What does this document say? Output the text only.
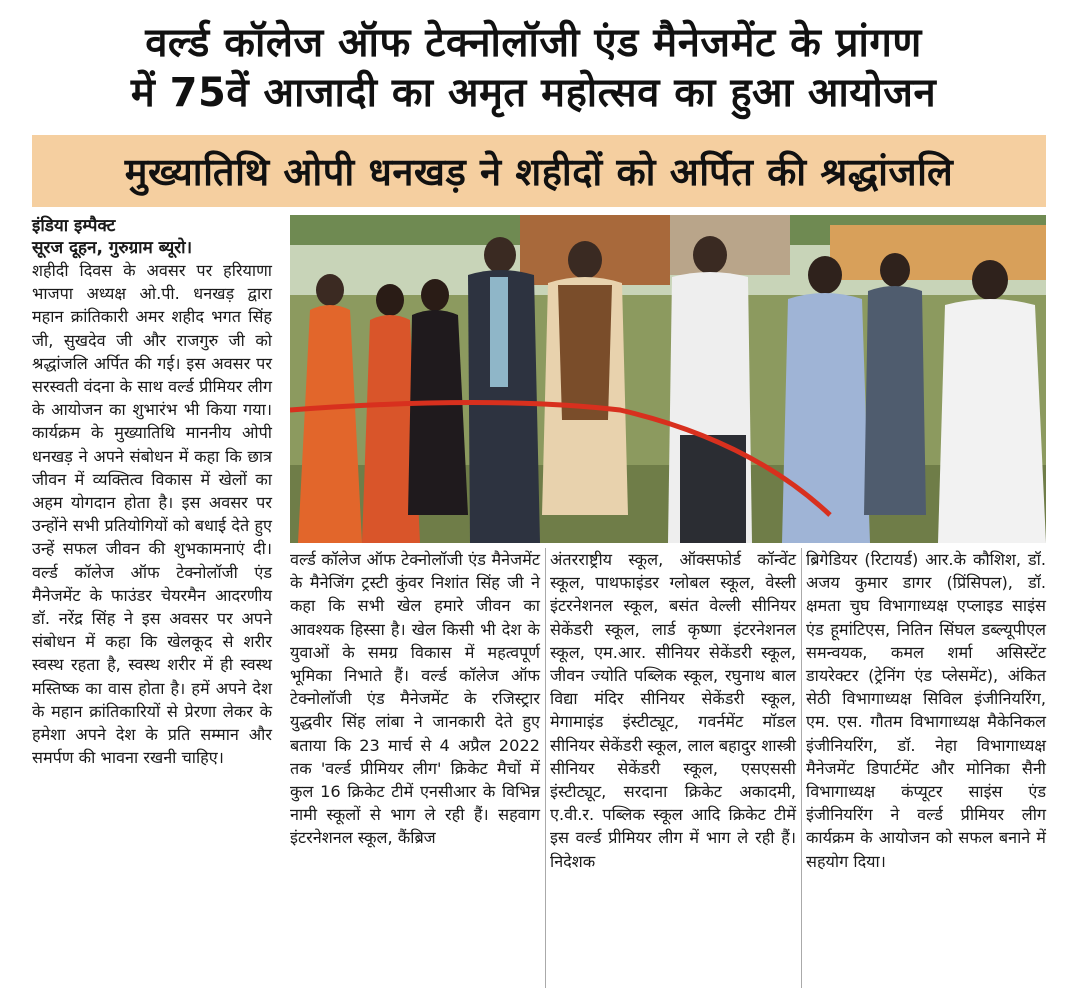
वर्ल्ड कॉलेज ऑफ टेक्नोलॉजी एंड मैनेजमेंट के प्रांगण
में 75वें आजादी का अमृत महोत्सव का हुआ आयोजन
मुख्यातिथि ओपी धनखड़ ने शहीदों को अर्पित की श्रद्धांजलि
इंडिया इम्पैक्ट
सूरज दूहन, गुरुग्राम ब्यूरो।

शहीदी दिवस के अवसर पर हरियाणा भाजपा अध्यक्ष ओ.पी. धनखड़ द्वारा महान क्रांतिकारी अमर शहीद भगत सिंह जी, सुखदेव जी और राजगुरु जी को श्रद्धांजलि अर्पित की गई। इस अवसर पर सरस्वती वंदना के साथ वर्ल्ड प्रीमियर लीग के आयोजन का शुभारंभ भी किया गया। कार्यक्रम के मुख्यातिथि माननीय ओपी धनखड़ ने अपने संबोधन में कहा कि छात्र जीवन में व्यक्तित्व विकास में खेलों का अहम योगदान होता है। इस अवसर पर उन्होंने सभी प्रतियोगियों को बधाई देते हुए उन्हें सफल जीवन की शुभकामनाएं दी। वर्ल्ड कॉलेज ऑफ टेक्नोलॉजी एंड मैनेजमेंट के फाउंडर चेयरमैन आदरणीय डॉ. नरेंद्र सिंह ने इस अवसर पर अपने संबोधन में कहा कि खेलकूद से शरीर स्वस्थ रहता है, स्वस्थ शरीर में ही स्वस्थ मस्तिष्क का वास होता है। हमें अपने देश के महान क्रांतिकारियों से प्रेरणा लेकर के हमेशा अपने देश के प्रति सम्मान और समर्पण की भावना रखनी चाहिए।

वर्ल्ड कॉलेज ऑफ टेक्नोलॉजी एंड मैनेजमेंट के मैनेजिंग ट्रस्टी कुंवर निशांत सिंह जी ने कहा कि सभी खेल हमारे जीवन का आवश्यक हिस्सा है। खेल किसी भी देश के युवाओं के समग्र विकास में महत्वपूर्ण भूमिका निभाते हैं। वर्ल्ड कॉलेज ऑफ टेक्नोलॉजी एंड मैनेजमेंट के रजिस्ट्रार युद्धवीर सिंह लांबा ने जानकारी देते हुए बताया कि 23 मार्च से 4 अप्रैल 2022 तक 'वर्ल्ड प्रीमियर लीग' क्रिकेट मैचों में कुल 16 क्रिकेट टीमें एनसीआर के विभिन्न नामी स्कूलों से भाग ले रही हैं। सहवाग इंटरनेशनल स्कूल, कैंब्रिज

अंतरराष्ट्रीय स्कूल, ऑक्सफोर्ड कॉन्वेंट स्कूल, पाथफाइंडर ग्लोबल स्कूल, वेस्ली इंटरनेशनल स्कूल, बसंत वेल्ली सीनियर सेकेंडरी स्कूल, लार्ड कृष्णा इंटरनेशनल स्कूल, एम.आर. सीनियर सेकेंडरी स्कूल, जीवन ज्योति पब्लिक स्कूल, रघुनाथ बाल विद्या मंदिर सीनियर सेकेंडरी स्कूल, मेगामाइंड इंस्टीट्यूट, गवर्नमेंट मॉडल सीनियर सेकेंडरी स्कूल, लाल बहादुर शास्त्री सीनियर सेकेंडरी स्कूल, एसएससी इंस्टीट्यूट, सरदाना क्रिकेट अकादमी, ए.वी.र. पब्लिक स्कूल आदि क्रिकेट टीमें इस वर्ल्ड प्रीमियर लीग में भाग ले रही हैं। निदेशक

ब्रिगेडियर (रिटायर्ड) आर.के कौशिश, डॉ. अजय कुमार डागर (प्रिंसिपल), डॉ. क्षमता चुघ विभागाध्यक्ष एप्लाइड साइंस एंड हूमांटिएस, नितिन सिंघल डब्ल्यूपीएल समन्वयक, कमल शर्मा असिस्टेंट डायरेक्टर (ट्रेनिंग एंड प्लेसमेंट), अंकित सेठी विभागाध्यक्ष सिविल इंजीनियरिंग, एम. एस. गौतम विभागाध्यक्ष मैकेनिकल इंजीनियरिंग, डॉ. नेहा विभागाध्यक्ष मैनेजमेंट डिपार्टमेंट और मोनिका सैनी विभागाध्यक्ष कंप्यूटर साइंस एंड इंजीनियरिंग ने वर्ल्ड प्रीमियर लीग कार्यक्रम के आयोजन को सफल बनाने में सहयोग दिया।
